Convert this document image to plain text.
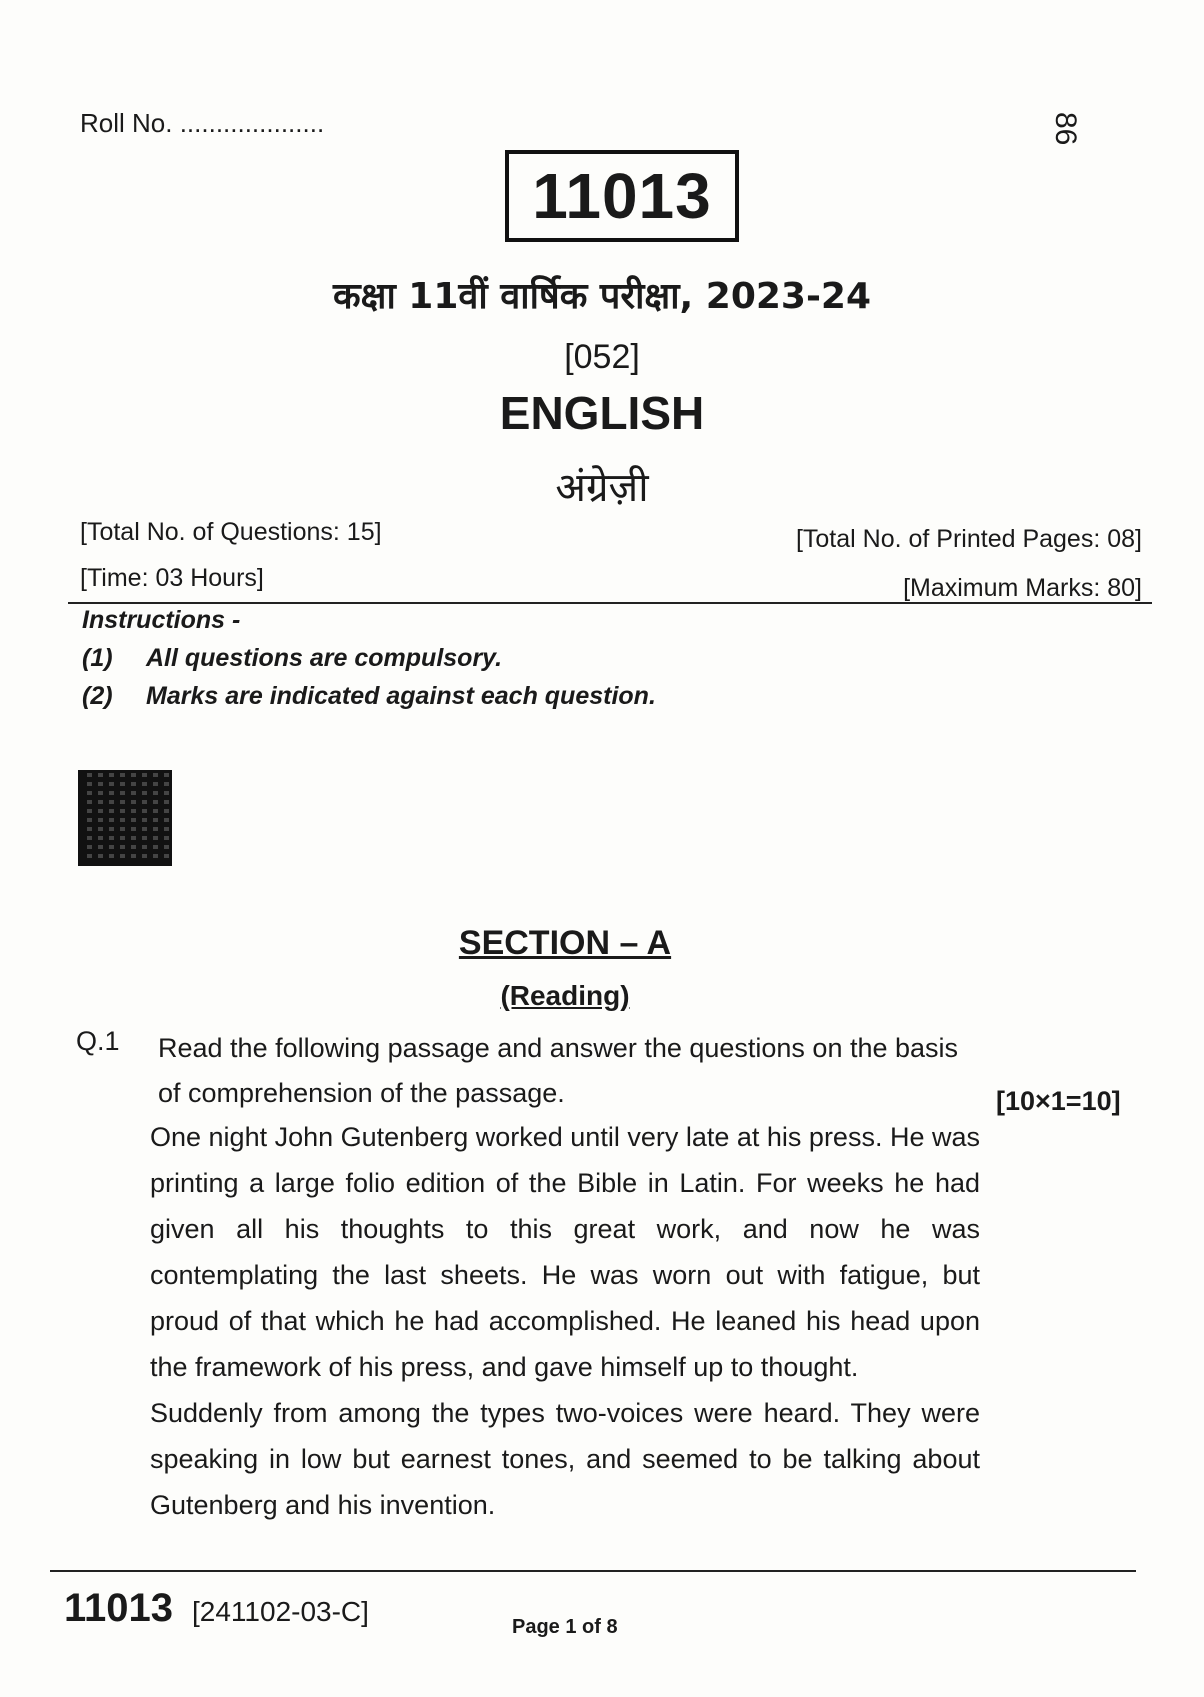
Roll No. ....................	86
11013
कक्षा 11वीं वार्षिक परीक्षा, 2023-24
[052]
ENGLISH
अंग्रेज़ी
[Total No. of Questions: 15]	[Total No. of Printed Pages: 08]
[Time: 03 Hours]	[Maximum Marks: 80]
Instructions -
(1)	All questions are compulsory.
(2)	Marks are indicated against each question.
SECTION – A
(Reading)
Q.1 Read the following passage and answer the questions on the basis of comprehension of the passage.	[10×1=10]

One night John Gutenberg worked until very late at his press. He was printing a large folio edition of the Bible in Latin. For weeks he had given all his thoughts to this great work, and now he was contemplating the last sheets. He was worn out with fatigue, but proud of that which he had accomplished. He leaned his head upon the framework of his press, and gave himself up to thought.

Suddenly from among the types two-voices were heard. They were speaking in low but earnest tones, and seemed to be talking about Gutenberg and his invention.

11013 [241102-03-C]	Page 1 of 8
